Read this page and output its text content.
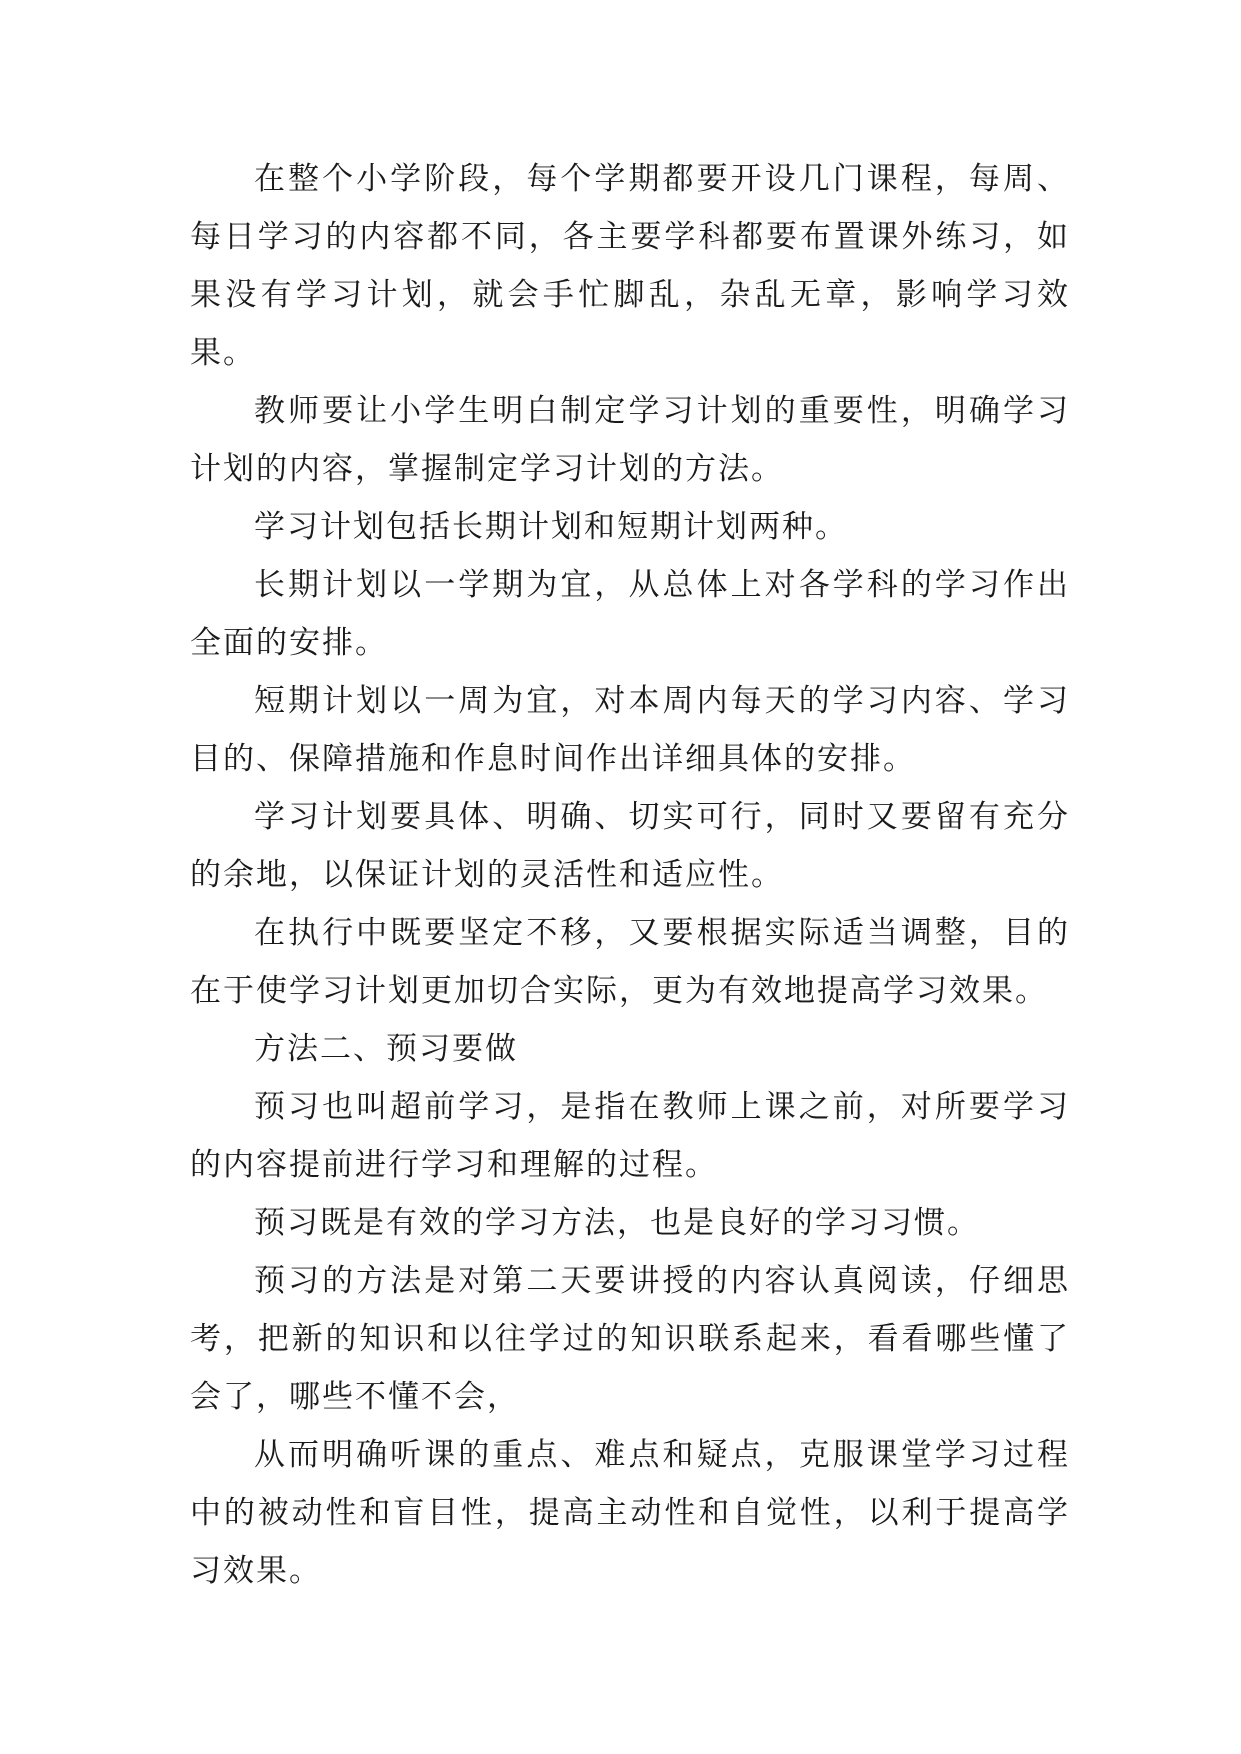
在整个小学阶段，每个学期都要开设几门课程，每周、每日学习的内容都不同，各主要学科都要布置课外练习，如果没有学习计划，就会手忙脚乱，杂乱无章，影响学习效果。

教师要让小学生明白制定学习计划的重要性，明确学习计划的内容，掌握制定学习计划的方法。

学习计划包括长期计划和短期计划两种。

长期计划以一学期为宜，从总体上对各学科的学习作出全面的安排。

短期计划以一周为宜，对本周内每天的学习内容、学习目的、保障措施和作息时间作出详细具体的安排。

学习计划要具体、明确、切实可行，同时又要留有充分的余地，以保证计划的灵活性和适应性。

在执行中既要坚定不移，又要根据实际适当调整，目的在于使学习计划更加切合实际，更为有效地提高学习效果。

方法二、预习要做

预习也叫超前学习，是指在教师上课之前，对所要学习的内容提前进行学习和理解的过程。

预习既是有效的学习方法，也是良好的学习习惯。

预习的方法是对第二天要讲授的内容认真阅读，仔细思考，把新的知识和以往学过的知识联系起来，看看哪些懂了会了，哪些不懂不会，

从而明确听课的重点、难点和疑点，克服课堂学习过程中的被动性和盲目性，提高主动性和自觉性，以利于提高学习效果。
